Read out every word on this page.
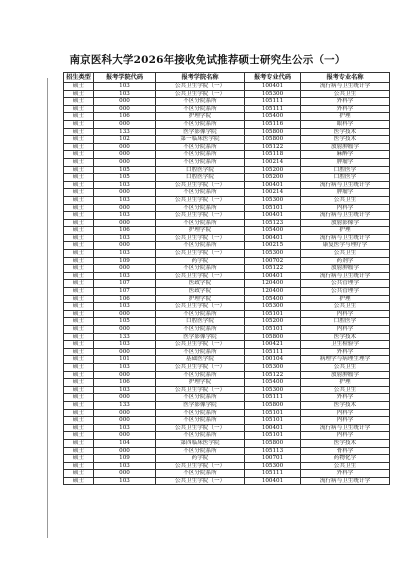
南京医科大学2026年接收免试推荐硕士研究生公示（一）
招生类型	报考学院代码	报考学院名称	报考专业代码	报考专业名称
硕士	103	公共卫生学院（一）	100401	流行病与卫生统计学
硕士	103	公共卫生学院（一）	105300	公共卫生
硕士	000	不区分院系所	105111	外科学
硕士	000	不区分院系所	105111	外科学
硕士	106	护理学院	105400	护理
硕士	000	不区分院系所	105116	眼科学
硕士	133	医学影像学院	105800	医学技术
硕士	102	第一临床医学院	105800	医学技术
硕士	000	不区分院系所	105122	放射肿瘤学
硕士	000	不区分院系所	105118	麻醉学
硕士	000	不区分院系所	100214	肿瘤学
硕士	105	口腔医学院	105200	口腔医学
硕士	105	口腔医学院	105200	口腔医学
硕士	103	公共卫生学院（一）	100401	流行病与卫生统计学
硕士	000	不区分院系所	100214	肿瘤学
硕士	103	公共卫生学院（一）	105300	公共卫生
硕士	000	不区分院系所	105101	内科学
硕士	103	公共卫生学院（一）	100401	流行病与卫生统计学
硕士	000	不区分院系所	105123	放射影像学
硕士	106	护理学院	105400	护理
硕士	103	公共卫生学院（一）	100401	流行病与卫生统计学
硕士	000	不区分院系所	100215	康复医学与理疗学
硕士	103	公共卫生学院（一）	105300	公共卫生
硕士	109	药学院	100702	药剂学
硕士	000	不区分院系所	105122	放射肿瘤学
硕士	103	公共卫生学院（一）	100401	流行病与卫生统计学
硕士	107	医政学院	120400	公共管理学
硕士	107	医政学院	120400	公共管理学
硕士	106	护理学院	105400	护理
硕士	103	公共卫生学院（一）	105300	公共卫生
硕士	000	不区分院系所	105101	内科学
硕士	105	口腔医学院	105200	口腔医学
硕士	000	不区分院系所	105101	内科学
硕士	133	医学影像学院	105800	医学技术
硕士	103	公共卫生学院（一）	100421	卫生检验学
硕士	000	不区分院系所	105111	外科学
硕士	101	基础医学院	100104	病理学与病理生理学
硕士	103	公共卫生学院（一）	105300	公共卫生
硕士	000	不区分院系所	105122	放射肿瘤学
硕士	106	护理学院	105400	护理
硕士	103	公共卫生学院（一）	105300	公共卫生
硕士	000	不区分院系所	105111	外科学
硕士	133	医学影像学院	105800	医学技术
硕士	000	不区分院系所	105101	内科学
硕士	000	不区分院系所	105101	内科学
硕士	103	公共卫生学院（一）	100401	流行病与卫生统计学
硕士	000	不区分院系所	105101	内科学
硕士	104	第四临床医学院	105800	医学技术
硕士	000	不区分院系所	105113	骨科学
硕士	109	药学院	100701	药物化学
硕士	103	公共卫生学院（一）	105300	公共卫生
硕士	000	不区分院系所	105111	外科学
硕士	103	公共卫生学院（一）	100401	流行病与卫生统计学
